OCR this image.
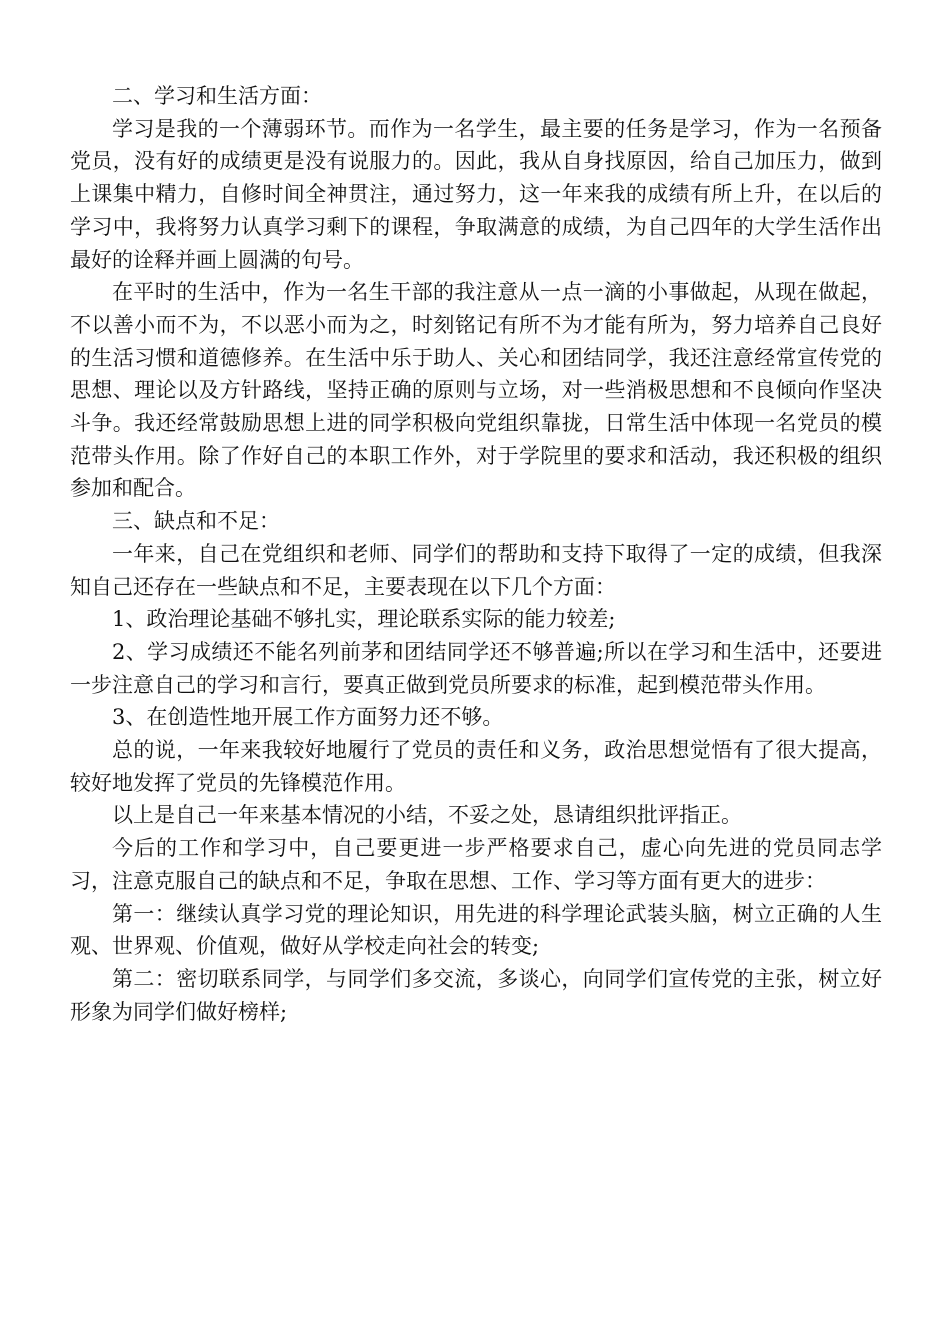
二、学习和生活方面：

学习是我的一个薄弱环节。而作为一名学生，最主要的任务是学习，作为一名预备党员，没有好的成绩更是没有说服力的。因此，我从自身找原因，给自己加压力，做到上课集中精力，自修时间全神贯注，通过努力，这一年来我的成绩有所上升，在以后的学习中，我将努力认真学习剩下的课程，争取满意的成绩，为自己四年的大学生活作出最好的诠释并画上圆满的句号。

在平时的生活中，作为一名生干部的我注意从一点一滴的小事做起，从现在做起，不以善小而不为，不以恶小而为之，时刻铭记有所不为才能有所为，努力培养自己良好的生活习惯和道德修养。在生活中乐于助人、关心和团结同学，我还注意经常宣传党的思想、理论以及方针路线，坚持正确的原则与立场，对一些消极思想和不良倾向作坚决斗争。我还经常鼓励思想上进的同学积极向党组织靠拢，日常生活中体现一名党员的模范带头作用。除了作好自己的本职工作外，对于学院里的要求和活动，我还积极的组织参加和配合。

三、缺点和不足：

一年来，自己在党组织和老师、同学们的帮助和支持下取得了一定的成绩，但我深知自己还存在一些缺点和不足，主要表现在以下几个方面：

1、政治理论基础不够扎实，理论联系实际的能力较差;

2、学习成绩还不能名列前茅和团结同学还不够普遍;所以在学习和生活中，还要进一步注意自己的学习和言行，要真正做到党员所要求的标准，起到模范带头作用。

3、在创造性地开展工作方面努力还不够。

总的说，一年来我较好地履行了党员的责任和义务，政治思想觉悟有了很大提高，较好地发挥了党员的先锋模范作用。

以上是自己一年来基本情况的小结，不妥之处，恳请组织批评指正。

今后的工作和学习中，自己要更进一步严格要求自己，虚心向先进的党员同志学习，注意克服自己的缺点和不足，争取在思想、工作、学习等方面有更大的进步：

第一：继续认真学习党的理论知识，用先进的科学理论武装头脑，树立正确的人生观、世界观、价值观，做好从学校走向社会的转变;

第二：密切联系同学，与同学们多交流，多谈心，向同学们宣传党的主张，树立好形象为同学们做好榜样;
